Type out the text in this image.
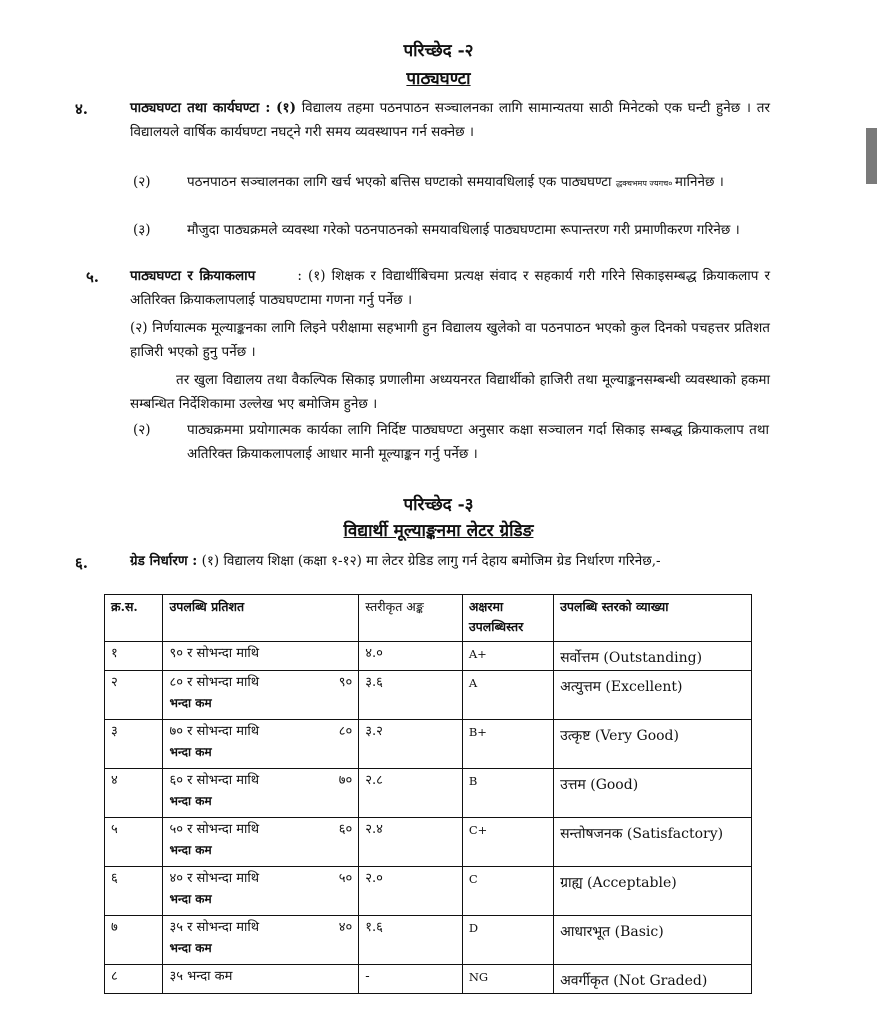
परिच्छेद -२
पाठ्यघण्टा
४.	पाठ्यघण्टा तथा कार्यघण्टा : (१) विद्यालय तहमा पठनपाठन सञ्चालनका लागि सामान्यतया साठी मिनेटको एक घन्टी हुनेछ । तर विद्यालयले वार्षिक कार्यघण्टा नघट्ने गरी समय व्यवस्थापन गर्न सक्नेछ ।
(२)	पठनपाठन सञ्चालनका लागि खर्च भएको बत्तिस घण्टाको समयावधिलाई एक पाठ्यघण्टा द्धक्चभमप ज्यगच० मानिनेछ ।
(३)	मौजुदा पाठ्यक्रमले व्यवस्था गरेको पठनपाठनको समयावधिलाई पाठ्यघण्टामा रूपान्तरण गरी प्रमाणीकरण गरिनेछ ।
५. पाठ्यघण्टा र क्रियाकलाप	: (१) शिक्षक र विद्यार्थीबिचमा प्रत्यक्ष संवाद र सहकार्य गरी गरिने सिकाइसम्बद्ध क्रियाकलाप र अतिरिक्त क्रियाकलापलाई पाठ्यघण्टामा गणना गर्नु पर्नेछ ।
(२) निर्णयात्मक मूल्याङ्कनका लागि लिइने परीक्षामा सहभागी हुन विद्यालय खुलेको वा पठनपाठन भएको कुल दिनको पचहत्तर प्रतिशत हाजिरी भएको हुनु पर्नेछ ।
तर खुला विद्यालय तथा वैकल्पिक सिकाइ प्रणालीमा अध्ययनरत विद्यार्थीको हाजिरी तथा मूल्याङ्कनसम्बन्धी व्यवस्थाको हकमा सम्बन्धित निर्देशिकामा उल्लेख भए बमोजिम हुनेछ ।
(२)	पाठ्यक्रममा प्रयोगात्मक कार्यका लागि निर्दिष्ट पाठ्यघण्टा अनुसार कक्षा सञ्चालन गर्दा सिकाइ सम्बद्ध क्रियाकलाप तथा अतिरिक्त क्रियाकलापलाई आधार मानी मूल्याङ्कन गर्नु पर्नेछ ।
परिच्छेद -३
विद्यार्थी मूल्याङ्कनमा लेटर ग्रेडिङ
६.	ग्रेड निर्धारण : (१) विद्यालय शिक्षा (कक्षा १-१२) मा लेटर ग्रेडिड लागु गर्न देहाय बमोजिम ग्रेड निर्धारण गरिनेछ,-
क्र.स.	उपलब्धि प्रतिशत	स्तरीकृत अङ्क	अक्षरमा उपलब्धिस्तर	उपलब्धि स्तरको व्याख्या
१	९० र सोभन्दा माथि	४.०	A+	सर्वोत्तम (Outstanding)
२	८० र सोभन्दा माथि ९०
भन्दा कम	३.६	A	अत्युत्तम (Excellent)
३	७० र सोभन्दा माथि ८०
भन्दा कम	३.२	B+	उत्कृष्ट (Very Good)
४	६० र सोभन्दा माथि ७०
भन्दा कम	२.८	B	उत्तम (Good)
५	५० र सोभन्दा माथि ६०
भन्दा कम	२.४	C+	सन्तोषजनक (Satisfactory)
६	४० र सोभन्दा माथि ५०
भन्दा कम	२.०	C	ग्राह्य (Acceptable)
७	३५ र सोभन्दा माथि ४०
भन्दा कम	१.६	D	आधारभूत (Basic)
८	३५ भन्दा कम	-	NG	अवर्गीकृत (Not Graded)
